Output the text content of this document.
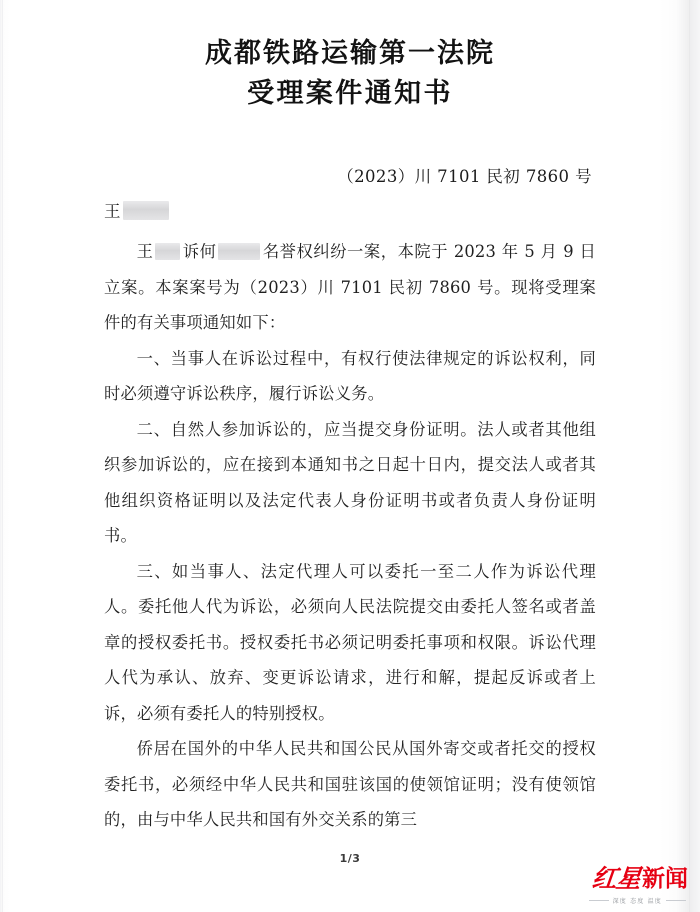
成都铁路运输第一法院
受理案件通知书
（2023）川 7101 民初 7860 号
王

王 诉何	名誉权纠纷一案，本院于 2023 年 5 月 9 日立案。本案案号为（2023）川 7101 民初 7860 号。现将受理案件的有关事项通知如下：

一、当事人在诉讼过程中，有权行使法律规定的诉讼权利，同时必须遵守诉讼秩序，履行诉讼义务。

二、自然人参加诉讼的，应当提交身份证明。法人或者其他组织参加诉讼的，应在接到本通知书之日起十日内，提交法人或者其他组织资格证明以及法定代表人身份证明书或者负责人身份证明书。

三、如当事人、法定代理人可以委托一至二人作为诉讼代理人。委托他人代为诉讼，必须向人民法院提交由委托人签名或者盖章的授权委托书。授权委托书必须记明委托事项和权限。诉讼代理人代为承认、放弃、变更诉讼请求，进行和解，提起反诉或者上诉，必须有委托人的特别授权。

侨居在国外的中华人民共和国公民从国外寄交或者托交的授权委托书，必须经中华人民共和国驻该国的使领馆证明；没有使领馆的，由与中华人民共和国有外交关系的第三

1/3
红星 新闻
深度 态度 温度
